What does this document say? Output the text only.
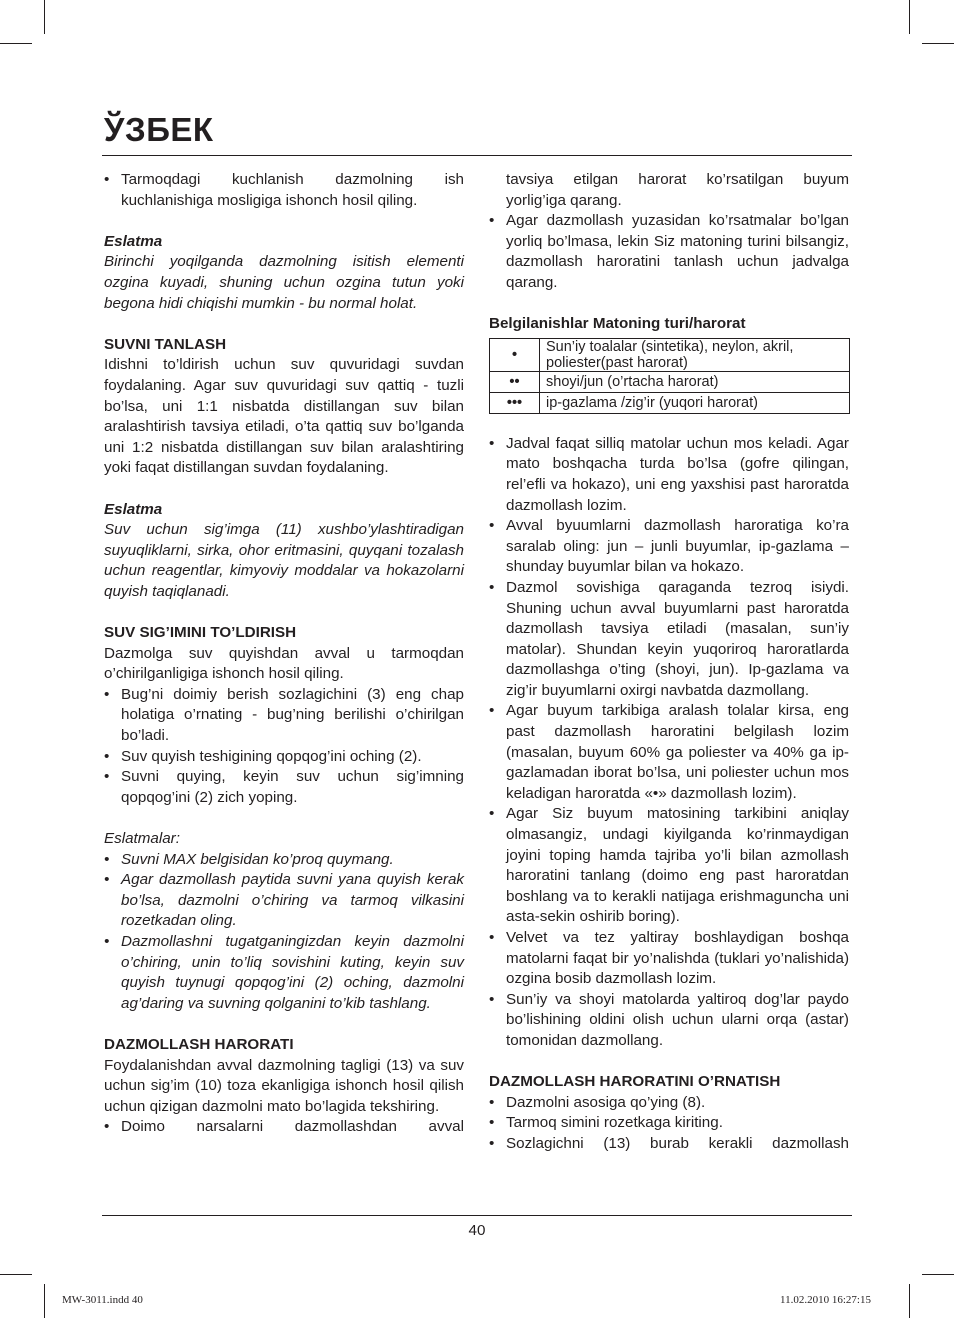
ЎЗБЕК
• Tarmoqdagi kuchlanish dazmolning ish kuchlanishiga mosligiga ishonch hosil qiling.
Eslatma

Birinchi yoqilganda dazmolning isitish elementi ozgina kuyadi, shuning uchun ozgina tutun yoki begona hidi chiqishi mumkin - bu normal holat.

SUVNI TANLASH

Idishni to’ldirish uchun suv quvuridagi suvdan foydalaning. Agar suv quvuridagi suv qattiq - tuzli bo’lsa, uni 1:1 nisbatda distillangan suv bilan aralashtirish tavsiya etiladi, o’ta qattiq suv bo’lganda uni 1:2 nisbatda distillangan suv bilan aralashtiring yoki faqat distillangan suvdan foydalaning.

Eslatma

Suv uchun sig’imga (11) xushbo’ylashtiradigan suyuqliklarni, sirka, ohor eritmasini, quyqani tozalash uchun reagentlar, kimyoviy moddalar va hokazolarni quyish taqiqlanadi.

SUV SIG’IMINI TO’LDIRISH

Dazmolga suv quyishdan avval u tarmoqdan o’chirilganligiga ishonch hosil qiling.

• Bug’ni doimiy berish sozlagichini (3) eng chap holatiga o’rnating - bug’ning berilishi o’chirilgan bo’ladi.
• Suv quyish teshigining qopqog’ini oching (2).
• Suvni quying, keyin suv uchun sig’imning qopqog’ini (2) zich yoping.
Eslatmalar:
• Suvni MAX belgisidan ko’proq quymang.
• Agar dazmollash paytida suvni yana quyish kerak bo’lsa, dazmolni o’chiring va tarmoq vilkasini rozetkadan oling.
• Dazmollashni tugatganingizdan keyin dazmolni o’chiring, unin to’liq sovishini kuting, keyin suv quyish tuynugi qopqog’ini (2) oching, dazmolni ag’daring va suvning qolganini to’kib tashlang.
DAZMOLLASH HARORATI

Foydalanishdan avval dazmolning tagligi (13) va suv uchun sig’im (10) toza ekanligiga ishonch hosil qilish uchun qizigan dazmolni mato bo’lagida tekshiring.

• Doimo narsalarni dazmollashdan avval

tavsiya etilgan harorat ko’rsatilgan buyum yorlig’iga qarang.

• Agar dazmollash yuzasidan ko’rsatmalar bo’lgan yorliq bo’lmasa, lekin Siz matoning turini bilsangiz, dazmollash haroratini tanlash uchun jadvalga qarang.
Belgilanishlar Matoning turi/harorat
•	Sun’iy toalalar (sintetika), neylon, akril, poliester(past harorat)
••	shoyi/jun (o’rtacha harorat)
•••	ip-gazlama /zig’ir (yuqori harorat)
• Jadval faqat silliq matolar uchun mos keladi. Agar mato boshqacha turda bo’lsa (gofre qilingan, rel’efli va hokazo), uni eng yaxshisi past haroratda dazmollash lozim.
• Avval byuumlarni dazmollash haroratiga ko’ra saralab oling: jun – junli buyumlar, ip-gazlama – shunday buyumlar bilan va hokazo.
• Dazmol sovishiga qaraganda tezroq isiydi. Shuning uchun avval buyumlarni past haroratda dazmollash tavsiya etiladi (masalan, sun’iy matolar). Shundan keyin yuqoriroq haroratlarda dazmollashga o’ting (shoyi, jun). Ip-gazlama va zig’ir buyumlarni oxirgi navbatda dazmollang.
• Agar buyum tarkibiga aralash tolalar kirsa, eng past dazmollash haroratini belgilash lozim (masalan, buyum 60% ga poliester va 40% ga ip-gazlamadan iborat bo’lsa, uni poliester uchun mos keladigan haroratda «•» dazmollash lozim).
• Agar Siz buyum matosining tarkibini aniqlay olmasangiz, undagi kiyilganda ko’rinmaydigan joyini toping hamda tajriba yo’li bilan azmollash haroratini tanlang (doimo eng past haroratdan boshlang va to kerakli natijaga erishmaguncha uni asta-sekin oshirib boring).
• Velvet va tez yaltiray boshlaydigan boshqa matolarni faqat bir yo’nalishda (tuklari yo’nalishida) ozgina bosib dazmollash lozim.
• Sun’iy va shoyi matolarda yaltiroq dog’lar paydo bo’lishining oldini olish uchun ularni orqa (astar) tomonidan dazmollang.
DAZMOLLASH HARORATINI O’RNATISH
• Dazmolni asosiga qo’ying (8).
• Tarmoq simini rozetkaga kiriting.
• Sozlagichni (13) burab kerakli dazmollash
40
MW-3011.indd 40	11.02.2010 16:27:15
